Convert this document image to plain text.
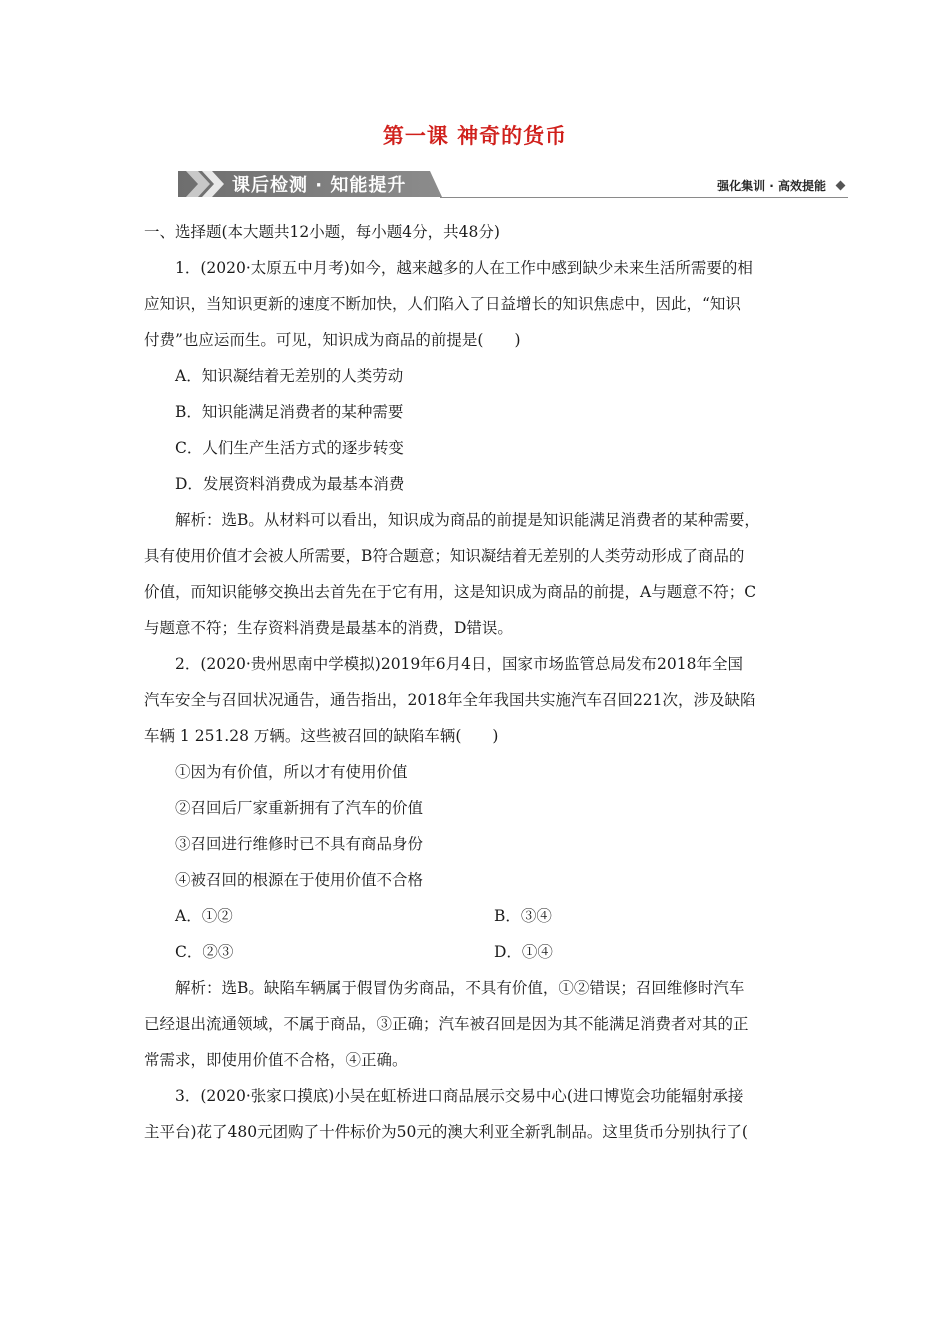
第一课 神奇的货币
课后检测 · 知能提升	强化集训 · 高效提能

一、选择题(本大题共12小题，每小题4分，共48分)

1．(2020·太原五中月考)如今，越来越多的人在工作中感到缺少未来生活所需要的相

应知识，当知识更新的速度不断加快，人们陷入了日益增长的知识焦虑中，因此，“知识

付费”也应运而生。可见，知识成为商品的前提是(　　)

A．知识凝结着无差别的人类劳动

B．知识能满足消费者的某种需要

C．人们生产生活方式的逐步转变

D．发展资料消费成为最基本消费

解析：选B。从材料可以看出，知识成为商品的前提是知识能满足消费者的某种需要，

具有使用价值才会被人所需要，B符合题意；知识凝结着无差别的人类劳动形成了商品的

价值，而知识能够交换出去首先在于它有用，这是知识成为商品的前提，A与题意不符；C

与题意不符；生存资料消费是最基本的消费，D错误。

2．(2020·贵州思南中学模拟)2019年6月4日，国家市场监管总局发布2018年全国

汽车安全与召回状况通告，通告指出，2018年全年我国共实施汽车召回221次，涉及缺陷

车辆 1 251.28 万辆。这些被召回的缺陷车辆(　　)

①因为有价值，所以才有使用价值

②召回后厂家重新拥有了汽车的价值

③召回进行维修时已不具有商品身份

④被召回的根源在于使用价值不合格

A．①②	B．③④
C．②③	D．①④

解析：选B。缺陷车辆属于假冒伪劣商品，不具有价值，①②错误；召回维修时汽车

已经退出流通领域，不属于商品，③正确；汽车被召回是因为其不能满足消费者对其的正

常需求，即使用价值不合格，④正确。

3．(2020·张家口摸底)小吴在虹桥进口商品展示交易中心(进口博览会功能辐射承接

主平台)花了480元团购了十件标价为50元的澳大利亚全新乳制品。这里货币分别执行了(
